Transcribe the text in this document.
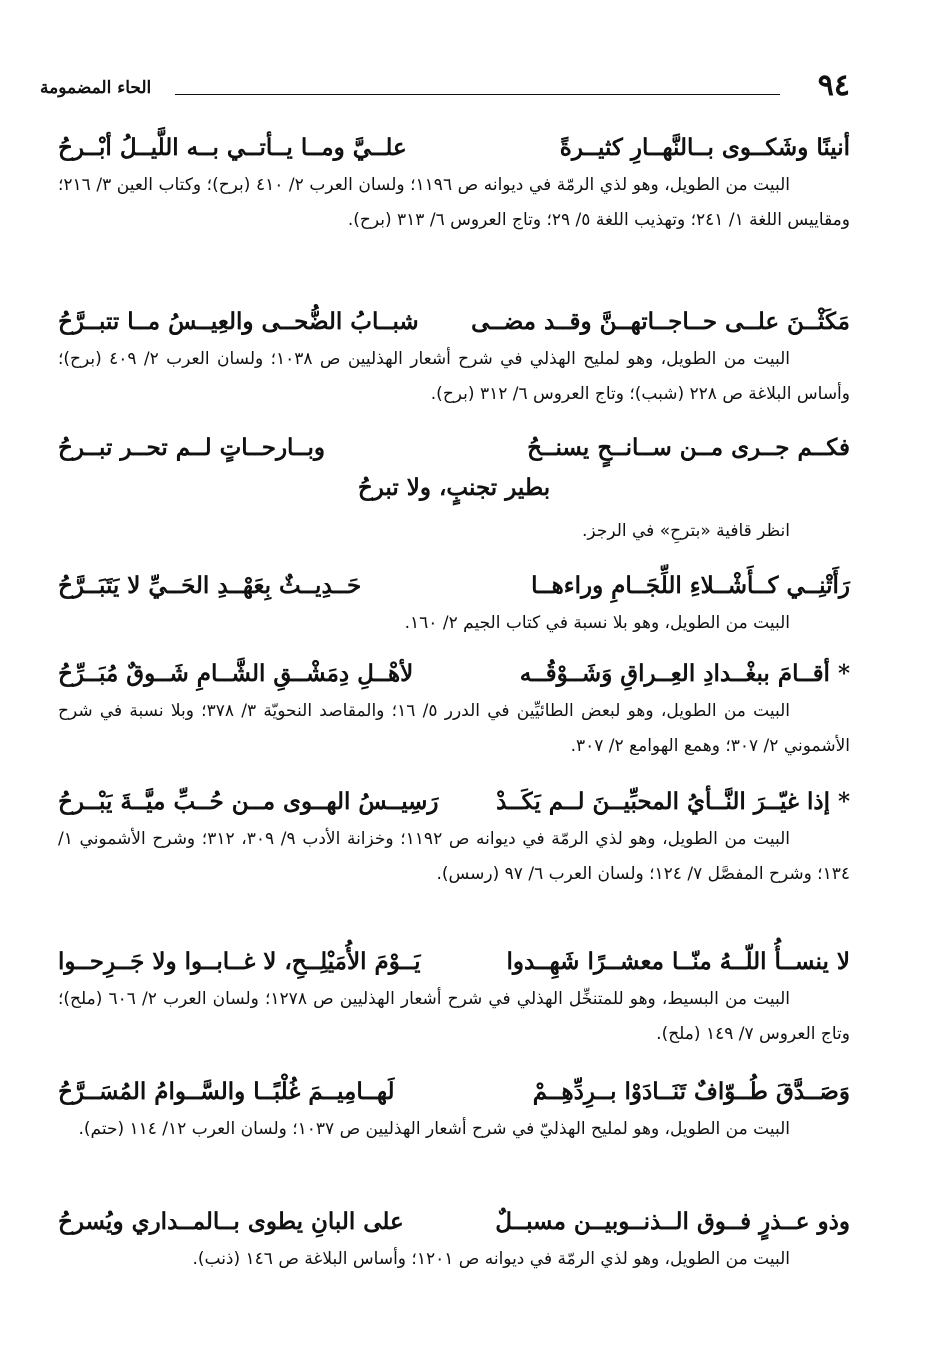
٩٤
الحاء المضمومة
أنينًا وشَكــوى بــالنَّهــارِ كثيــرةً
علــيَّ ومــا يــأتــي بــه اللَّيــلُ أبْــرحُ

البيت من الطويل، وهو لذي الرمّة في ديوانه ص ١١٩٦؛ ولسان العرب ٢/ ٤١٠ (برح)؛ وكتاب العين ٣/ ٢١٦؛ ومقاييس اللغة ١/ ٢٤١؛ وتهذيب اللغة ٥/ ٢٩؛ وتاج العروس ٦/ ٣١٣ (برح).

مَكَثْــنَ علــى حــاجــاتهــنَّ وقــد مضــى
شبــابُ الضُّحــى والعِيــسُ مــا تتبــرَّحُ

البيت من الطويل، وهو لمليح الهذلي في شرح أشعار الهذليين ص ١٠٣٨؛ ولسان العرب ٢/ ٤٠٩ (برح)؛ وأساس البلاغة ص ٢٢٨ (شبب)؛ وتاج العروس ٦/ ٣١٢ (برح).

فكــم جــرى مــن ســانــحٍ يسنــحُ
وبــارحــاتٍ لــم تحــر تبــرحُ
بطير تجنبٍ، ولا تبرحُ

انظر قافية «بترحِ» في الرجز.

رَأَتْنِــي كــأَشْــلاءِ اللِّجَــامِ وراءهــا
حَــدِيــثٌ بِعَهْــدِ الحَــيِّ لا يَتَبَــرَّحُ

البيت من الطويل، وهو بلا نسبة في كتاب الجيم ٢/ ١٦٠.

* أقــامَ ببغْــدادِ العِــراقِ وَشَــوْقُــه
لأهْــلِ دِمَشْــقِ الشَّــامِ شَــوقٌ مُبَــرِّحُ

البيت من الطويل، وهو لبعض الطائيِّين في الدرر ٥/ ١٦؛ والمقاصد النحويّة ٣/ ٣٧٨؛ وبلا نسبة في شرح الأشموني ٢/ ٣٠٧؛ وهمع الهوامع ٢/ ٣٠٧.

* إذا غيّــرَ النَّــأيُ المحبِّيــنَ لــم يَكَــدْ
رَسِيــسُ الهــوى مــن حُــبِّ ميَّــةَ يَبْــرحُ

البيت من الطويل، وهو لذي الرمّة في ديوانه ص ١١٩٢؛ وخزانة الأدب ٩/ ٣٠٩، ٣١٢؛ وشرح الأشموني ١/ ١٣٤؛ وشرح المفصَّل ٧/ ١٢٤؛ ولسان العرب ٦/ ٩٧ (رسس).

لا ينســأُ اللّــهُ منّــا معشــرًا شَهِــدوا
يَــوْمَ الأُمَيْلِــحِ، لا غــابــوا ولا جَــرِحــوا

البيت من البسيط، وهو للمتنخِّل الهذلي في شرح أشعار الهذليين ص ١٢٧٨؛ ولسان العرب ٢/ ٦٠٦ (ملح)؛ وتاج العروس ٧/ ١٤٩ (ملح).

وَصَــدَّقَ طُــوّافٌ تَنَــادَوْا بــرِدِّهِــمْ
لَهــامِيــمَ غُلْبًــا والسَّــوامُ المُسَــرَّحُ

البيت من الطويل، وهو لمليح الهذليّ في شرح أشعار الهذليين ص ١٠٣٧؛ ولسان العرب ١٢/ ١١٤ (حتم).

وذو عــذرٍ فــوق الــذنــوبيــن مسبــلٌ
على البانِ يطوى بــالمــداري ويُسرحُ

البيت من الطويل، وهو لذي الرمّة في ديوانه ص ١٢٠١؛ وأساس البلاغة ص ١٤٦ (ذنب).
